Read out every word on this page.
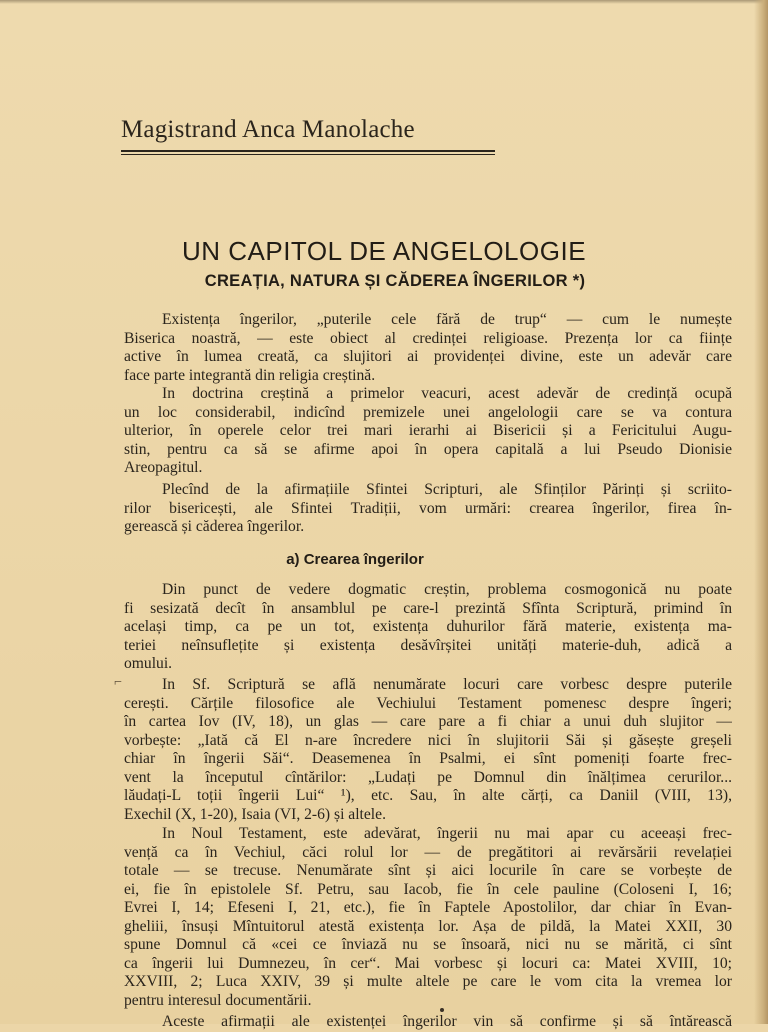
Magistrand Anca Manolache
UN CAPITOL DE ANGELOLOGIE
CREAȚIA, NATURA ȘI CĂDEREA ÎNGERILOR *)
Existența îngerilor, „puterile cele fără de trup“ — cum le numește
Biserica noastră, — este obiect al credinței religioase. Prezența lor ca ființe
active în lumea creată, ca slujitori ai providenței divine, este un adevăr care
face parte integrantă din religia creștină.
In doctrina creștină a primelor veacuri, acest adevăr de credință ocupă
un loc considerabil, indicînd premizele unei angelologii care se va contura
ulterior, în operele celor trei mari ierarhi ai Bisericii și a Fericitului Augu-
stin, pentru ca să se afirme apoi în opera capitală a lui Pseudo Dionisie
Areopagitul.
Plecînd de la afirmațiile Sfintei Scripturi, ale Sfinților Părinți și scriito-
rilor bisericești, ale Sfintei Tradiții, vom urmări: crearea îngerilor, firea în-
gerească și căderea îngerilor.
a) Crearea îngerilor
Din punct de vedere dogmatic creștin, problema cosmogonică nu poate
fi sesizată decît în ansamblul pe care-l prezintă Sfînta Scriptură, primind în
același timp, ca pe un tot, existența duhurilor fără materie, existența ma-
teriei neînsuflețite și existența desăvîrșitei unități materie-duh, adică a
omului.
⌐	In Sf. Scriptură se află nenumărate locuri care vorbesc despre puterile
cerești. Cărțile filosofice ale Vechiului Testament pomenesc despre îngeri;
în cartea Iov (IV, 18), un glas — care pare a fi chiar a unui duh slujitor —
vorbește: „Iată că El n-are încredere nici în slujitorii Săi și găsește greșeli
chiar în îngerii Săi“. Deasemenea în Psalmi, ei sînt pomeniți foarte frec-
vent la începutul cîntărilor: „Ludați pe Domnul din înălțimea cerurilor...
lăudați-L toții îngerii Lui“ ¹), etc. Sau, în alte cărți, ca Daniil (VIII, 13),
Exechil (X, 1-20), Isaia (VI, 2-6) și altele.
In Noul Testament, este adevărat, îngerii nu mai apar cu aceeași frec-
vență ca în Vechiul, căci rolul lor — de pregătitori ai revărsării revelației
totale — se trecuse. Nenumărate sînt și aici locurile în care se vorbește de
ei, fie în epistolele Sf. Petru, sau Iacob, fie în cele pauline (Coloseni I, 16;
Evrei I, 14; Efeseni I, 21, etc.), fie în Faptele Apostolilor, dar chiar în Evan-
gheliii, însuși Mîntuitorul atestă existența lor. Așa de pildă, la Matei XXII, 30
spune Domnul că «cei ce înviază nu se însoară, nici nu se mărită, ci sînt
ca îngerii lui Dumnezeu, în cer“. Mai vorbesc și locuri ca: Matei XVIII, 10;
XXVIII, 2; Luca XXIV, 39 și multe altele pe care le vom cita la vremea lor
pentru interesul documentării.
Aceste afirmații ale existenței îngerilor vin să confirme și să întărească
